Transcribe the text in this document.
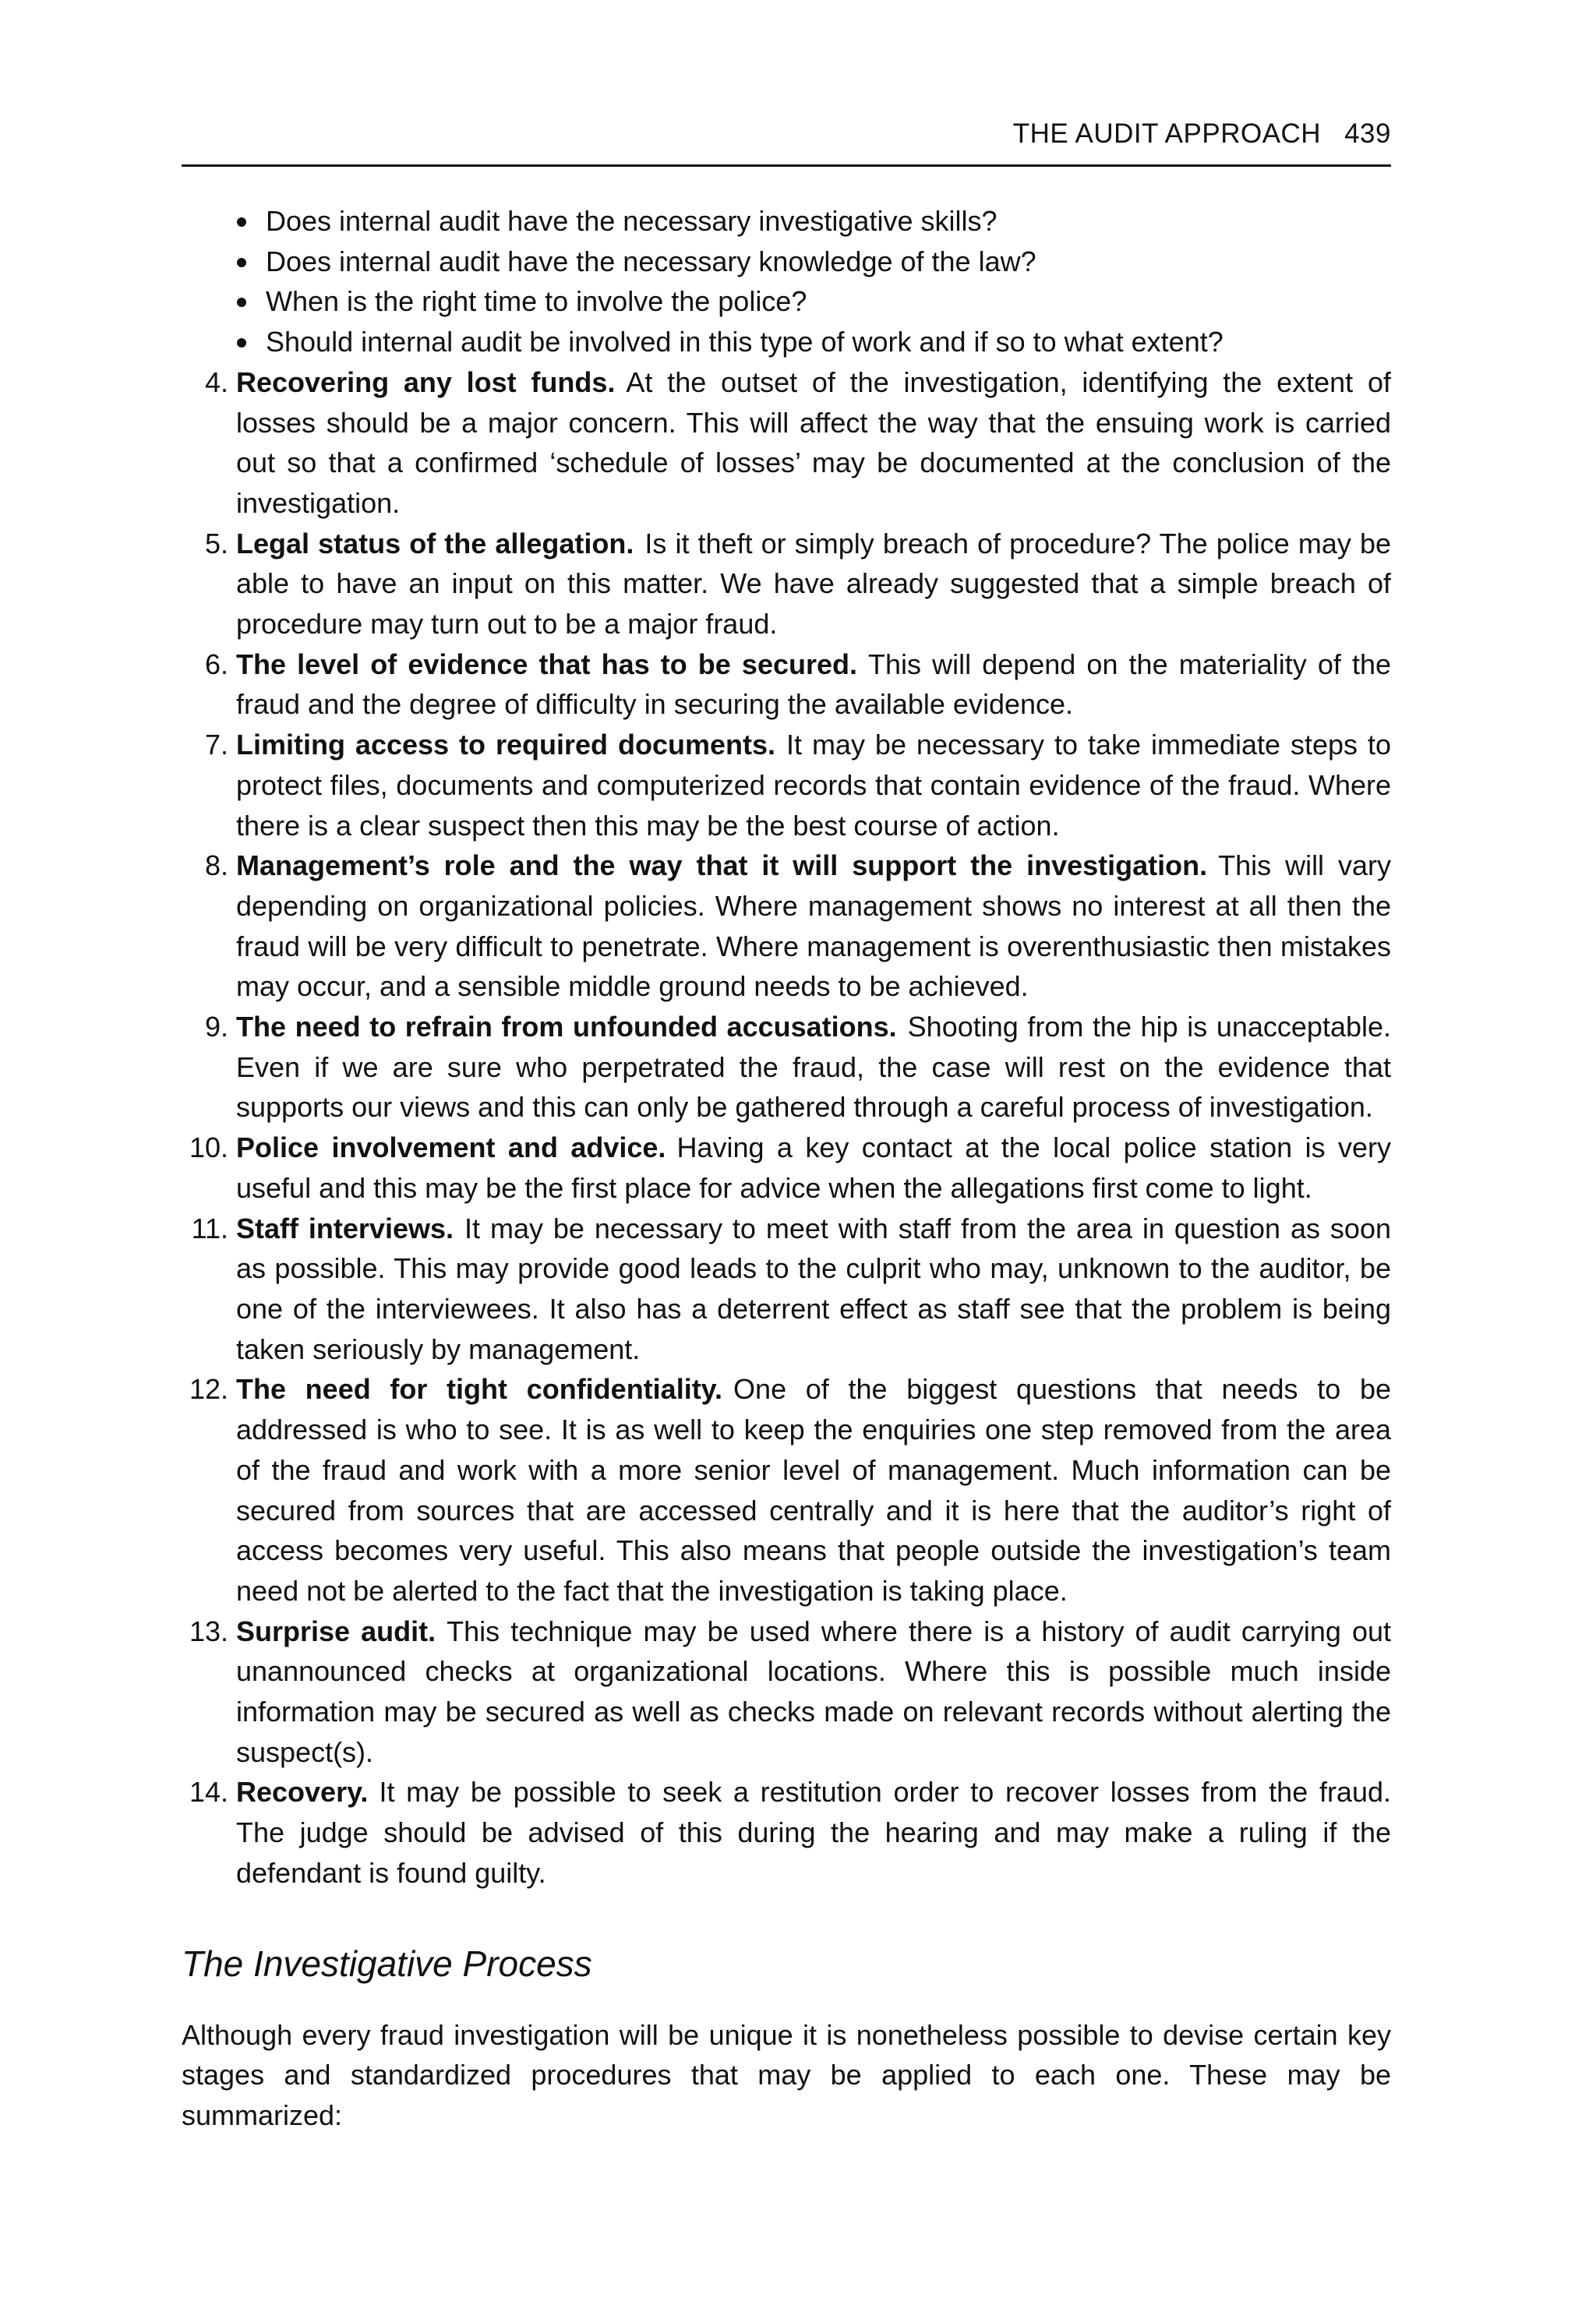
THE AUDIT APPROACH 439
Does internal audit have the necessary investigative skills?
Does internal audit have the necessary knowledge of the law?
When is the right time to involve the police?
Should internal audit be involved in this type of work and if so to what extent?
4. Recovering any lost funds. At the outset of the investigation, identifying the extent of losses should be a major concern. This will affect the way that the ensuing work is carried out so that a confirmed ‘schedule of losses’ may be documented at the conclusion of the investigation.
5. Legal status of the allegation. Is it theft or simply breach of procedure? The police may be able to have an input on this matter. We have already suggested that a simple breach of procedure may turn out to be a major fraud.
6. The level of evidence that has to be secured. This will depend on the materiality of the fraud and the degree of difficulty in securing the available evidence.
7. Limiting access to required documents. It may be necessary to take immediate steps to protect files, documents and computerized records that contain evidence of the fraud. Where there is a clear suspect then this may be the best course of action.
8. Management’s role and the way that it will support the investigation. This will vary depending on organizational policies. Where management shows no interest at all then the fraud will be very difficult to penetrate. Where management is overenthusiastic then mistakes may occur, and a sensible middle ground needs to be achieved.
9. The need to refrain from unfounded accusations. Shooting from the hip is unacceptable. Even if we are sure who perpetrated the fraud, the case will rest on the evidence that supports our views and this can only be gathered through a careful process of investigation.
10. Police involvement and advice. Having a key contact at the local police station is very useful and this may be the first place for advice when the allegations first come to light.
11. Staff interviews. It may be necessary to meet with staff from the area in question as soon as possible. This may provide good leads to the culprit who may, unknown to the auditor, be one of the interviewees. It also has a deterrent effect as staff see that the problem is being taken seriously by management.
12. The need for tight confidentiality. One of the biggest questions that needs to be addressed is who to see. It is as well to keep the enquiries one step removed from the area of the fraud and work with a more senior level of management. Much information can be secured from sources that are accessed centrally and it is here that the auditor’s right of access becomes very useful. This also means that people outside the investigation’s team need not be alerted to the fact that the investigation is taking place.
13. Surprise audit. This technique may be used where there is a history of audit carrying out unannounced checks at organizational locations. Where this is possible much inside information may be secured as well as checks made on relevant records without alerting the suspect(s).
14. Recovery. It may be possible to seek a restitution order to recover losses from the fraud. The judge should be advised of this during the hearing and may make a ruling if the defendant is found guilty.
The Investigative Process

Although every fraud investigation will be unique it is nonetheless possible to devise certain key
stages and standardized procedures that may be applied to each one. These may be summarized:
